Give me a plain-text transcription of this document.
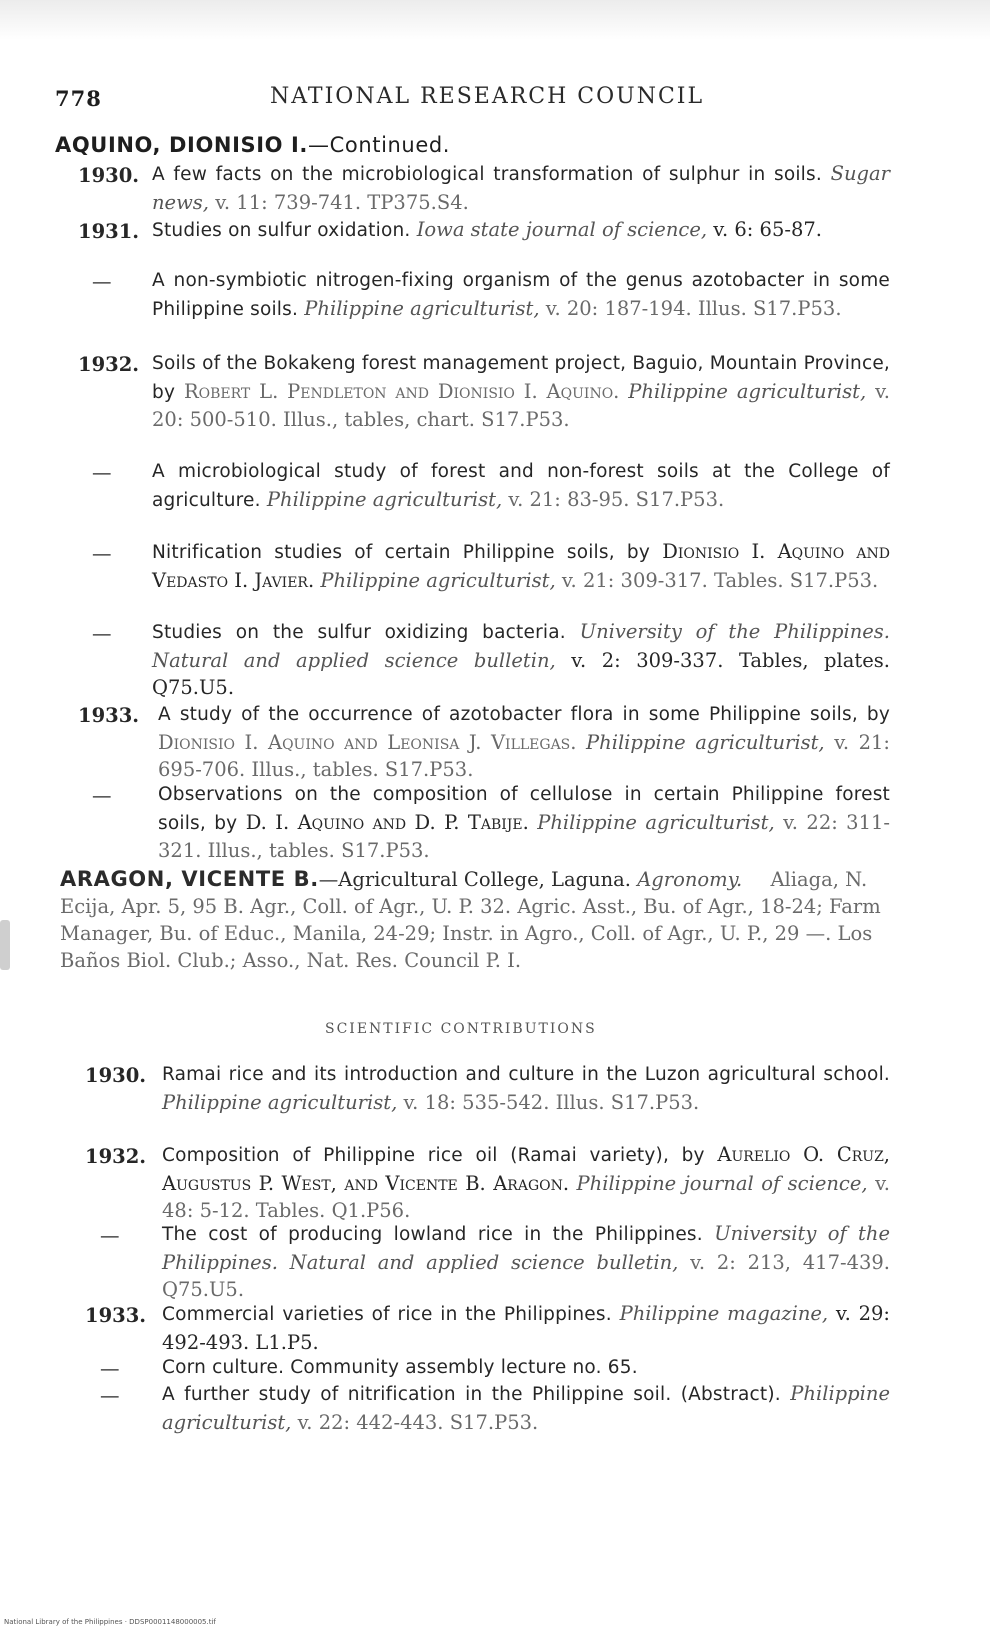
778	NATIONAL RESEARCH COUNCIL
AQUINO, DIONISIO I.—Continued.
1930. A few facts on the microbiological transformation of sulphur in soils. Sugar news, v. 11: 739-741. TP375.S4.
1931. Studies on sulfur oxidation. Iowa state journal of science, v. 6: 65-87.
— A non-symbiotic nitrogen-fixing organism of the genus azotobacter in some Philippine soils. Philippine agriculturist, v. 20: 187-194. Illus. S17.P53.
1932. Soils of the Bokakeng forest management project, Baguio, Mountain Province, by Robert L. Pendleton and Dionisio I. Aquino. Philippine agriculturist, v. 20: 500-510. Illus., tables, chart. S17.P53.
— A microbiological study of forest and non-forest soils at the College of agriculture. Philippine agriculturist, v. 21: 83-95. S17.P53.
— Nitrification studies of certain Philippine soils, by Dionisio I. Aquino and Vedasto I. Javier. Philippine agriculturist, v. 21: 309-317. Tables. S17.P53.
— Studies on the sulfur oxidizing bacteria. University of the Philippines. Natural and applied science bulletin, v. 2: 309-337. Tables, plates. Q75.U5.
1933. A study of the occurrence of azotobacter flora in some Philippine soils, by Dionisio I. Aquino and Leonisa J. Villegas. Philippine agriculturist, v. 21: 695-706. Illus., tables. S17.P53.
—	Observations on the composition of cellulose in certain Philippine forest soils, by D. I. Aquino and D. P. Tabije. Philippine agriculturist, v. 22: 311-321. Illus., tables. S17.P53.
ARAGON, VICENTE B.—Agricultural College, Laguna. Agronomy. Aliaga, N. Ecija, Apr. 5, 95 B. Agr., Coll. of Agr., U. P. 32. Agric. Asst., Bu. of Agr., 18-24; Farm Manager, Bu. of Educ., Manila, 24-29; Instr. in Agro., Coll. of Agr., U. P., 29 —. Los Baños Biol. Club.; Asso., Nat. Res. Council P. I.
SCIENTIFIC CONTRIBUTIONS
1930. Ramai rice and its introduction and culture in the Luzon agricultural school. Philippine agriculturist, v. 18: 535-542. Illus. S17.P53.
1932. Composition of Philippine rice oil (Ramai variety), by Aurelio O. Cruz, Augustus P. West, and Vicente B. Aragon. Philippine journal of science, v. 48: 5-12. Tables. Q1.P56.
— The cost of producing lowland rice in the Philippines. University of the Philippines. Natural and applied science bulletin, v. 2: 213, 417-439. Q75.U5.
1933. Commercial varieties of rice in the Philippines. Philippine magazine, v. 29: 492-493. L1.P5.
— Corn culture. Community assembly lecture no. 65.
— A further study of nitrification in the Philippine soil. (Abstract). Philippine agriculturist, v. 22: 442-443. S17.P53.
National Library of the Philippines · DDSP0001148000005.tif
